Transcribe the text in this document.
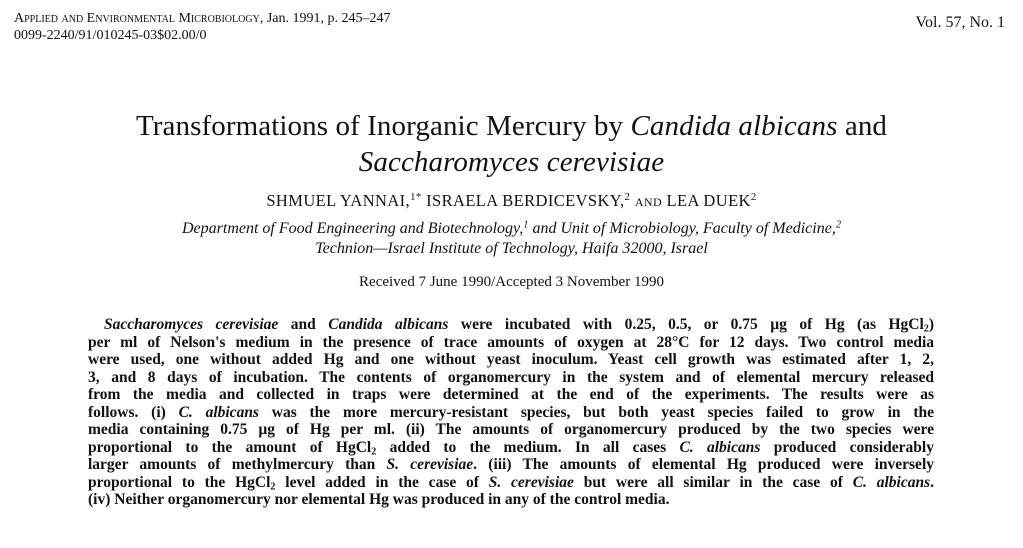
Applied and Environmental Microbiology, Jan. 1991, p. 245–247
0099-2240/91/010245-03$02.00/0
Vol. 57, No. 1
Transformations of Inorganic Mercury by Candida albicans and
Saccharomyces cerevisiae
SHMUEL YANNAI,$^{1*}$ ISRAELA BERDICEVSKY,$^2$ and LEA DUEK$^2$
Department of Food Engineering and Biotechnology,$^1$ and Unit of Microbiology, Faculty of Medicine,$^2$
Technion—Israel Institute of Technology, Haifa 32000, Israel
Received 7 June 1990/Accepted 3 November 1990
Saccharomyces cerevisiae and Candida albicans were incubated with 0.25, 0.5, or 0.75 µg of Hg (as HgCl$_2$)
per ml of Nelson's medium in the presence of trace amounts of oxygen at 28°C for 12 days. Two control media
were used, one without added Hg and one without yeast inoculum. Yeast cell growth was estimated after 1, 2,
3, and 8 days of incubation. The contents of organomercury in the system and of elemental mercury released
from the media and collected in traps were determined at the end of the experiments. The results were as
follows. (i) C. albicans was the more mercury-resistant species, but both yeast species failed to grow in the
media containing 0.75 µg of Hg per ml. (ii) The amounts of organomercury produced by the two species were
proportional to the amount of HgCl$_2$ added to the medium. In all cases C. albicans produced considerably
larger amounts of methylmercury than S. cerevisiae. (iii) The amounts of elemental Hg produced were inversely
proportional to the HgCl$_2$ level added in the case of S. cerevisiae but were all similar in the case of C. albicans.
(iv) Neither organomercury nor elemental Hg was produced in any of the control media.
